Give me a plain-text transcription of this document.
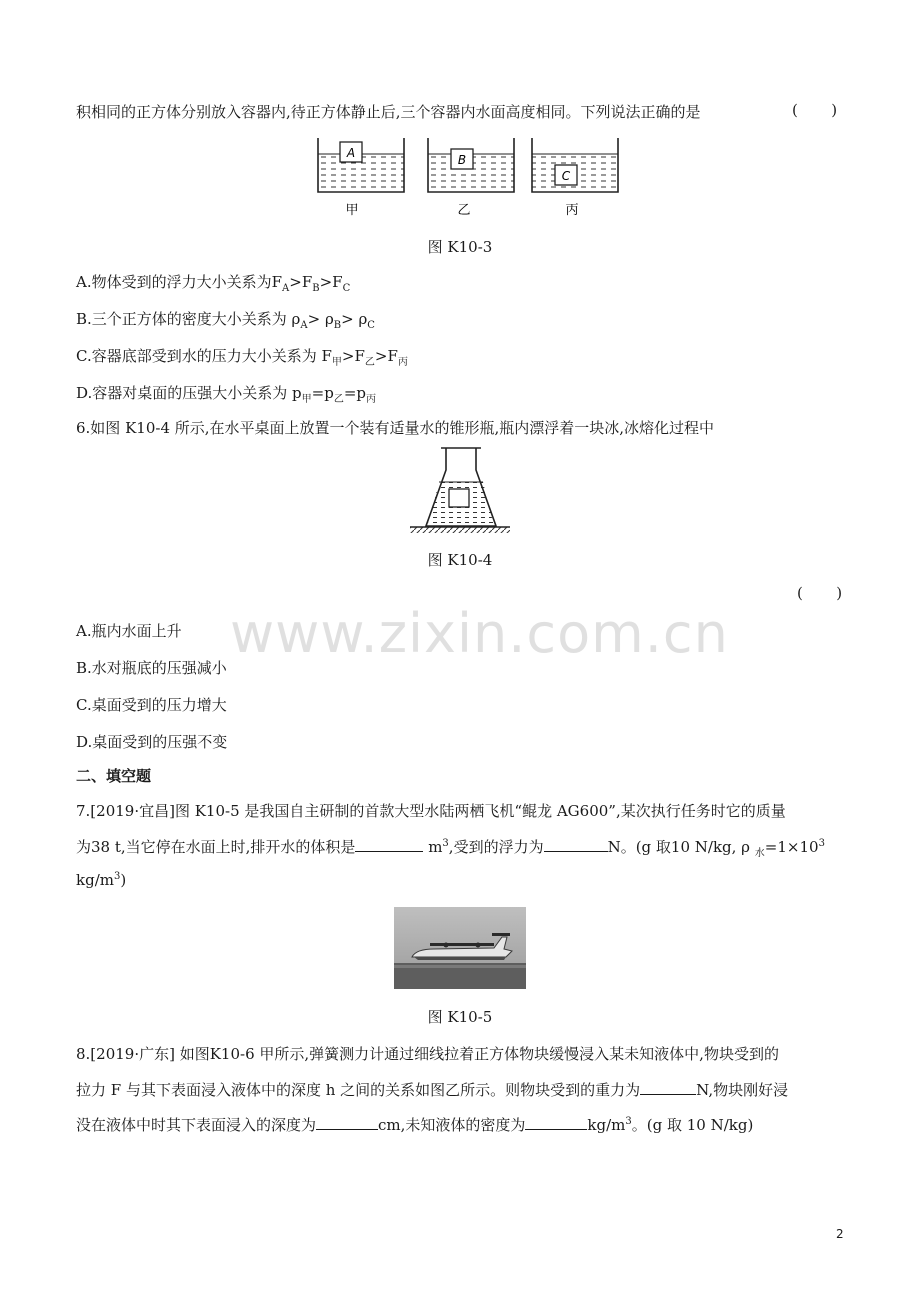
积相同的正方体分别放入容器内,待正方体静止后,三个容器内水面高度相同。下列说法正确的是	(       )
A
甲
B
乙
C
丙
图 K10-3
A.物体受到的浮力大小关系为$F_A>F_B>F_C$
B.三个正方体的密度大小关系为 $\rho_A> \rho_B> \rho_C$
C.容器底部受到水的压力大小关系为 $F_甲>F_乙>F_丙$
D.容器对桌面的压强大小关系为 $p_甲=p_乙=p_丙$
6.如图 K10-4 所示,在水平桌面上放置一个装有适量水的锥形瓶,瓶内漂浮着一块冰,冰熔化过程中
图 K10-4
(       )
A.瓶内水面上升
B.水对瓶底的压强减小
C.桌面受到的压力增大
D.桌面受到的压强不变
二、填空题
7.[2019·宜昌]图 K10-5 是我国自主研制的首款大型水陆两栖飞机“鲲龙 AG600”,某次执行任务时它的质量
为38 t,当它停在水面上时,排开水的体积是	$m^3$,受到的浮力为	N。(g 取10 N/kg, ρ $_水=1\times 10^3$
$kg/m^3$)
图 K10-5
8.[2019·广东] 如图K10-6 甲所示,弹簧测力计通过细线拉着正方体物块缓慢浸入某未知液体中,物块受到的
拉力 F 与其下表面浸入液体中的深度 h 之间的关系如图乙所示。则物块受到的重力为	N,物块刚好浸
没在液体中时其下表面浸入的深度为	cm,未知液体的密度为	$kg/m^3$。(g 取 10 N/kg)
www.zixin.com.cn
2
